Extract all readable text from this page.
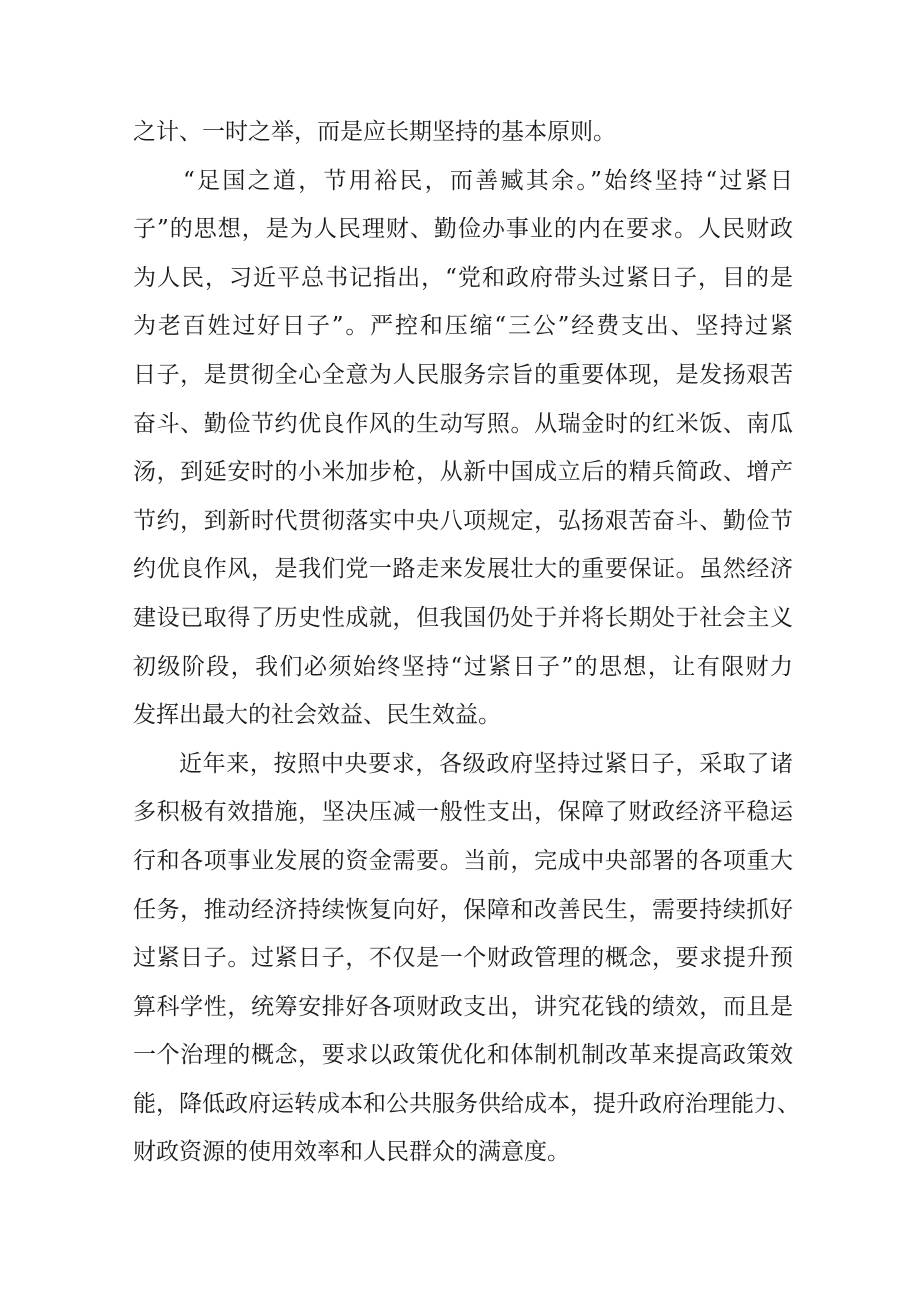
之计、一时之举，而是应长期坚持的基本原则。
“足国之道，节用裕民，而善臧其余。”始终坚持“过紧日
子”的思想，是为人民理财、勤俭办事业的内在要求。人民财政
为人民，习近平总书记指出，“党和政府带头过紧日子，目的是
为老百姓过好日子”。严控和压缩“三公”经费支出、坚持过紧
日子，是贯彻全心全意为人民服务宗旨的重要体现，是发扬艰苦
奋斗、勤俭节约优良作风的生动写照。从瑞金时的红米饭、南瓜
汤，到延安时的小米加步枪，从新中国成立后的精兵简政、增产
节约，到新时代贯彻落实中央八项规定，弘扬艰苦奋斗、勤俭节
约优良作风，是我们党一路走来发展壮大的重要保证。虽然经济
建设已取得了历史性成就，但我国仍处于并将长期处于社会主义
初级阶段，我们必须始终坚持“过紧日子”的思想，让有限财力
发挥出最大的社会效益、民生效益。
近年来，按照中央要求，各级政府坚持过紧日子，采取了诸
多积极有效措施，坚决压减一般性支出，保障了财政经济平稳运
行和各项事业发展的资金需要。当前，完成中央部署的各项重大
任务，推动经济持续恢复向好，保障和改善民生，需要持续抓好
过紧日子。过紧日子，不仅是一个财政管理的概念，要求提升预
算科学性，统筹安排好各项财政支出，讲究花钱的绩效，而且是
一个治理的概念，要求以政策优化和体制机制改革来提高政策效
能，降低政府运转成本和公共服务供给成本，提升政府治理能力、
财政资源的使用效率和人民群众的满意度。
